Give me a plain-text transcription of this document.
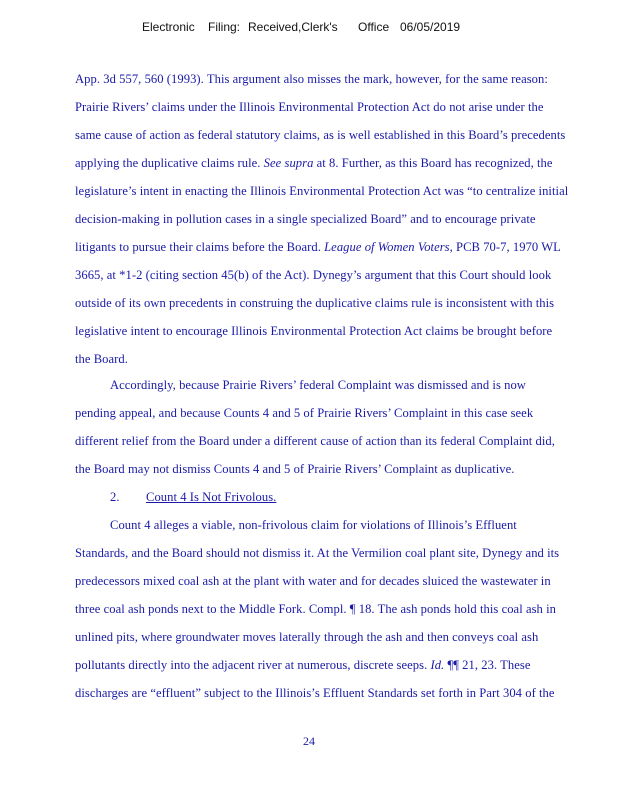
Electronic Filing: Received,Clerk's Office 06/05/2019
App. 3d 557, 560 (1993). This argument also misses the mark, however, for the same reason:
Prairie Rivers’ claims under the Illinois Environmental Protection Act do not arise under the
same cause of action as federal statutory claims, as is well established in this Board’s precedents
applying the duplicative claims rule. See supra at 8. Further, as this Board has recognized, the
legislature’s intent in enacting the Illinois Environmental Protection Act was “to centralize initial
decision-making in pollution cases in a single specialized Board” and to encourage private
litigants to pursue their claims before the Board. League of Women Voters, PCB 70-7, 1970 WL
3665, at *1-2 (citing section 45(b) of the Act). Dynegy’s argument that this Court should look
outside of its own precedents in construing the duplicative claims rule is inconsistent with this
legislative intent to encourage Illinois Environmental Protection Act claims be brought before
the Board.
Accordingly, because Prairie Rivers’ federal Complaint was dismissed and is now
pending appeal, and because Counts 4 and 5 of Prairie Rivers’ Complaint in this case seek
different relief from the Board under a different cause of action than its federal Complaint did,
the Board may not dismiss Counts 4 and 5 of Prairie Rivers’ Complaint as duplicative.
2. Count 4 Is Not Frivolous.
Count 4 alleges a viable, non-frivolous claim for violations of Illinois’s Effluent
Standards, and the Board should not dismiss it. At the Vermilion coal plant site, Dynegy and its
predecessors mixed coal ash at the plant with water and for decades sluiced the wastewater in
three coal ash ponds next to the Middle Fork. Compl. ¶ 18. The ash ponds hold this coal ash in
unlined pits, where groundwater moves laterally through the ash and then conveys coal ash
pollutants directly into the adjacent river at numerous, discrete seeps. Id. ¶¶ 21, 23. These
discharges are “effluent” subject to the Illinois’s Effluent Standards set forth in Part 304 of the
24
